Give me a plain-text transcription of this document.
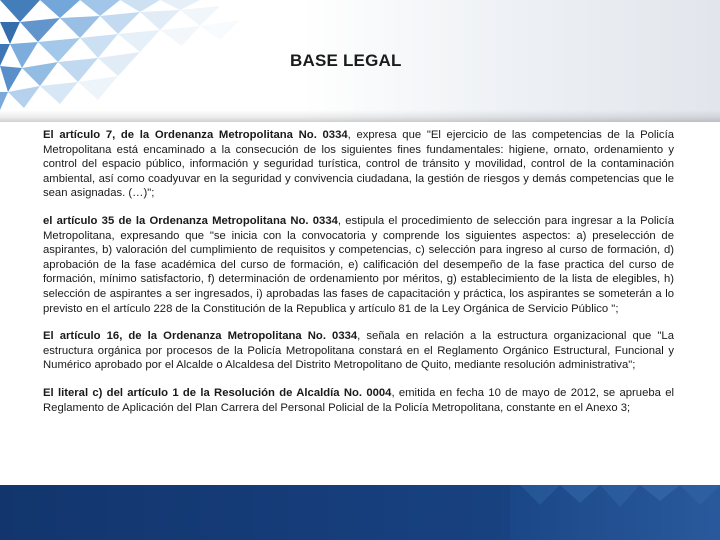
BASE LEGAL

El artículo 7, de la Ordenanza Metropolitana No. 0334, expresa que "El ejercicio de las competencias de la Policía Metropolitana está encaminado a la consecución de los siguientes fines fundamentales: higiene, ornato, ordenamiento y control del espacio público, información y seguridad turística, control de tránsito y movilidad, control de la contaminación ambiental, así como coadyuvar en la seguridad y convivencia ciudadana, la gestión de riesgos y demás competencias que le sean asignadas. (…)";

el artículo 35 de la Ordenanza Metropolitana No. 0334, estipula el procedimiento de selección para ingresar a la Policía Metropolitana, expresando que "se inicia con la convocatoria y comprende los siguientes aspectos: a) preselección de aspirantes, b) valoración del cumplimiento de requisitos y competencias, c) selección para ingreso al curso de formación, d) aprobación de la fase académica del curso de formación, e) calificación del desempeño de la fase practica del curso de formación, mínimo satisfactorio, f) determinación de ordenamiento por méritos, g) establecimiento de la lista de elegibles, h) selección de aspirantes a ser ingresados, i) aprobadas las fases de capacitación y práctica, los aspirantes se someterán a lo previsto en el artículo 228 de la Constitución de la Republica y artículo 81 de la Ley Orgánica de Servicio Público ";

El artículo 16, de la Ordenanza Metropolitana No. 0334, señala en relación a la estructura organizacional que "La estructura orgánica por procesos de la Policía Metropolitana constará en el Reglamento Orgánico Estructural, Funcional y Numérico aprobado por el Alcalde o Alcaldesa del Distrito Metropolitano de Quito, mediante resolución administrativa";

El literal c) del artículo 1 de la Resolución de Alcaldía No. 0004, emitida en fecha 10 de mayo de 2012, se aprueba el Reglamento de Aplicación del Plan Carrera del Personal Policial de la Policía Metropolitana, constante en el Anexo 3;
